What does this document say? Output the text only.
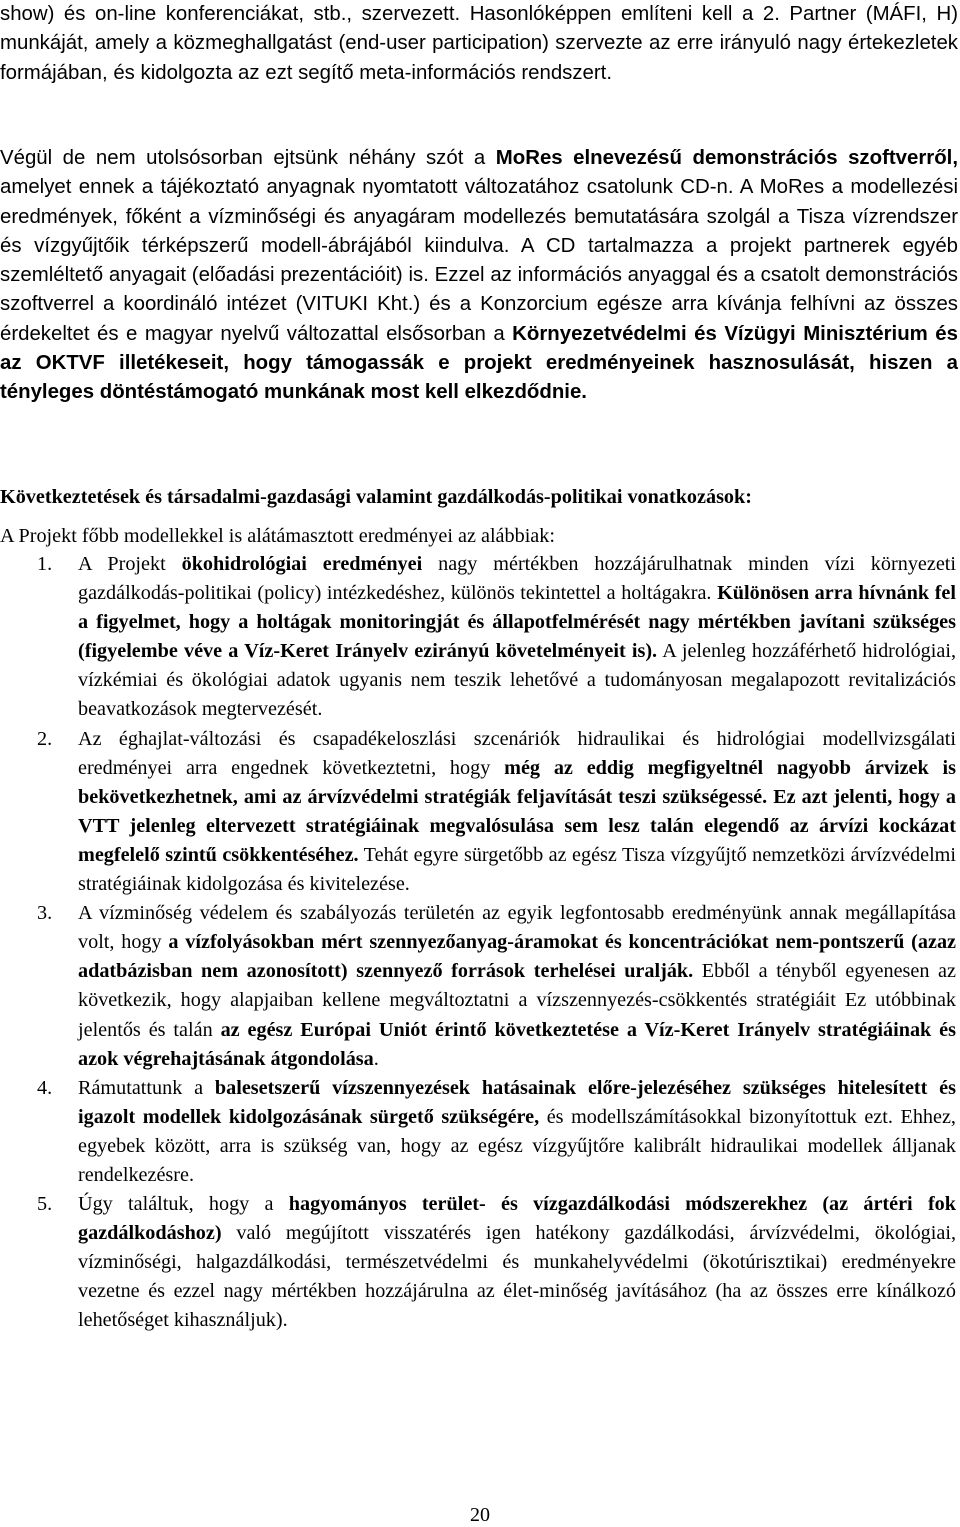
show) és on-line konferenciákat, stb., szervezett. Hasonlóképpen említeni kell a 2. Partner (MÁFI, H) munkáját, amely a közmeghallgatást (end-user participation) szervezte az erre irányuló nagy értekezletek formájában, és kidolgozta az ezt segítő meta-információs rendszert.

Végül de nem utolsósorban ejtsünk néhány szót a MoRes elnevezésű demonstrációs szoftverről, amelyet ennek a tájékoztató anyagnak nyomtatott változatához csatolunk CD-n. A MoRes a modellezési eredmények, főként a vízminőségi és anyagáram modellezés bemutatására szolgál a Tisza vízrendszer és vízgyűjtőik térképszerű modell-ábrájából kiindulva. A CD tartalmazza a projekt partnerek egyéb szemléltető anyagait (előadási prezentációit) is. Ezzel az információs anyaggal és a csatolt demonstrációs szoftverrel a koordináló intézet (VITUKI Kht.) és a Konzorcium egésze arra kívánja felhívni az összes érdekeltet és e magyar nyelvű változattal elsősorban a Környezetvédelmi és Vízügyi Minisztérium és az OKTVF illetékeseit, hogy támogassák e projekt eredményeinek hasznosulását, hiszen a tényleges döntéstámogató munkának most kell elkezdődnie.

Következtetések és társadalmi-gazdasági valamint gazdálkodás-politikai vonatkozások:

A Projekt főbb modellekkel is alátámasztott eredményei az alábbiak:

1. A Projekt ökohidrológiai eredményei nagy mértékben hozzájárulhatnak minden vízi környezeti gazdálkodás-politikai (policy) intézkedéshez, különös tekintettel a holtágakra. Különösen arra hívnánk fel a figyelmet, hogy a holtágak monitoringját és állapotfelmérését nagy mértékben javítani szükséges (figyelembe véve a Víz-Keret Irányelv ezirányú követelményeit is). A jelenleg hozzáférhető hidrológiai, vízkémiai és ökológiai adatok ugyanis nem teszik lehetővé a tudományosan megalapozott revitalizációs beavatkozások megtervezését.
2. Az éghajlat-változási és csapadékeloszlási szcenáriók hidraulikai és hidrológiai modellvizsgálati eredményei arra engednek következtetni, hogy még az eddig megfigyeltnél nagyobb árvizek is bekövetkezhetnek, ami az árvízvédelmi stratégiák feljavítását teszi szükségessé. Ez azt jelenti, hogy a VTT jelenleg eltervezett stratégiáinak megvalósulása sem lesz talán elegendő az árvízi kockázat megfelelő szintű csökkentéséhez. Tehát egyre sürgetőbb az egész Tisza vízgyűjtő nemzetközi árvízvédelmi stratégiáinak kidolgozása és kivitelezése.
3. A vízminőség védelem és szabályozás területén az egyik legfontosabb eredményünk annak megállapítása volt, hogy a vízfolyásokban mért szennyezőanyag-áramokat és koncentrációkat nem-pontszerű (azaz adatbázisban nem azonosított) szennyező források terhelései uralják. Ebből a tényből egyenesen az következik, hogy alapjaiban kellene megváltoztatni a vízszennyezés-csökkentés stratégiáit Ez utóbbinak jelentős és talán az egész Európai Uniót érintő következtetése a Víz-Keret Irányelv stratégiáinak és azok végrehajtásának átgondolása.
4. Rámutattunk a balesetszerű vízszennyezések hatásainak előre-jelezéséhez szükséges hitelesített és igazolt modellek kidolgozásának sürgető szükségére, és modellszámításokkal bizonyítottuk ezt. Ehhez, egyebek között, arra is szükség van, hogy az egész vízgyűjtőre kalibrált hidraulikai modellek álljanak rendelkezésre.
5. Úgy találtuk, hogy a hagyományos terület- és vízgazdálkodási módszerekhez (az ártéri fok gazdálkodáshoz) való megújított visszatérés igen hatékony gazdálkodási, árvízvédelmi, ökológiai, vízminőségi, halgazdálkodási, természetvédelmi és munkahelyvédelmi (ökotúrisztikai) eredményekre vezetne és ezzel nagy mértékben hozzájárulna az élet-minőség javításához (ha az összes erre kínálkozó lehetőséget kihasználjuk).
20
